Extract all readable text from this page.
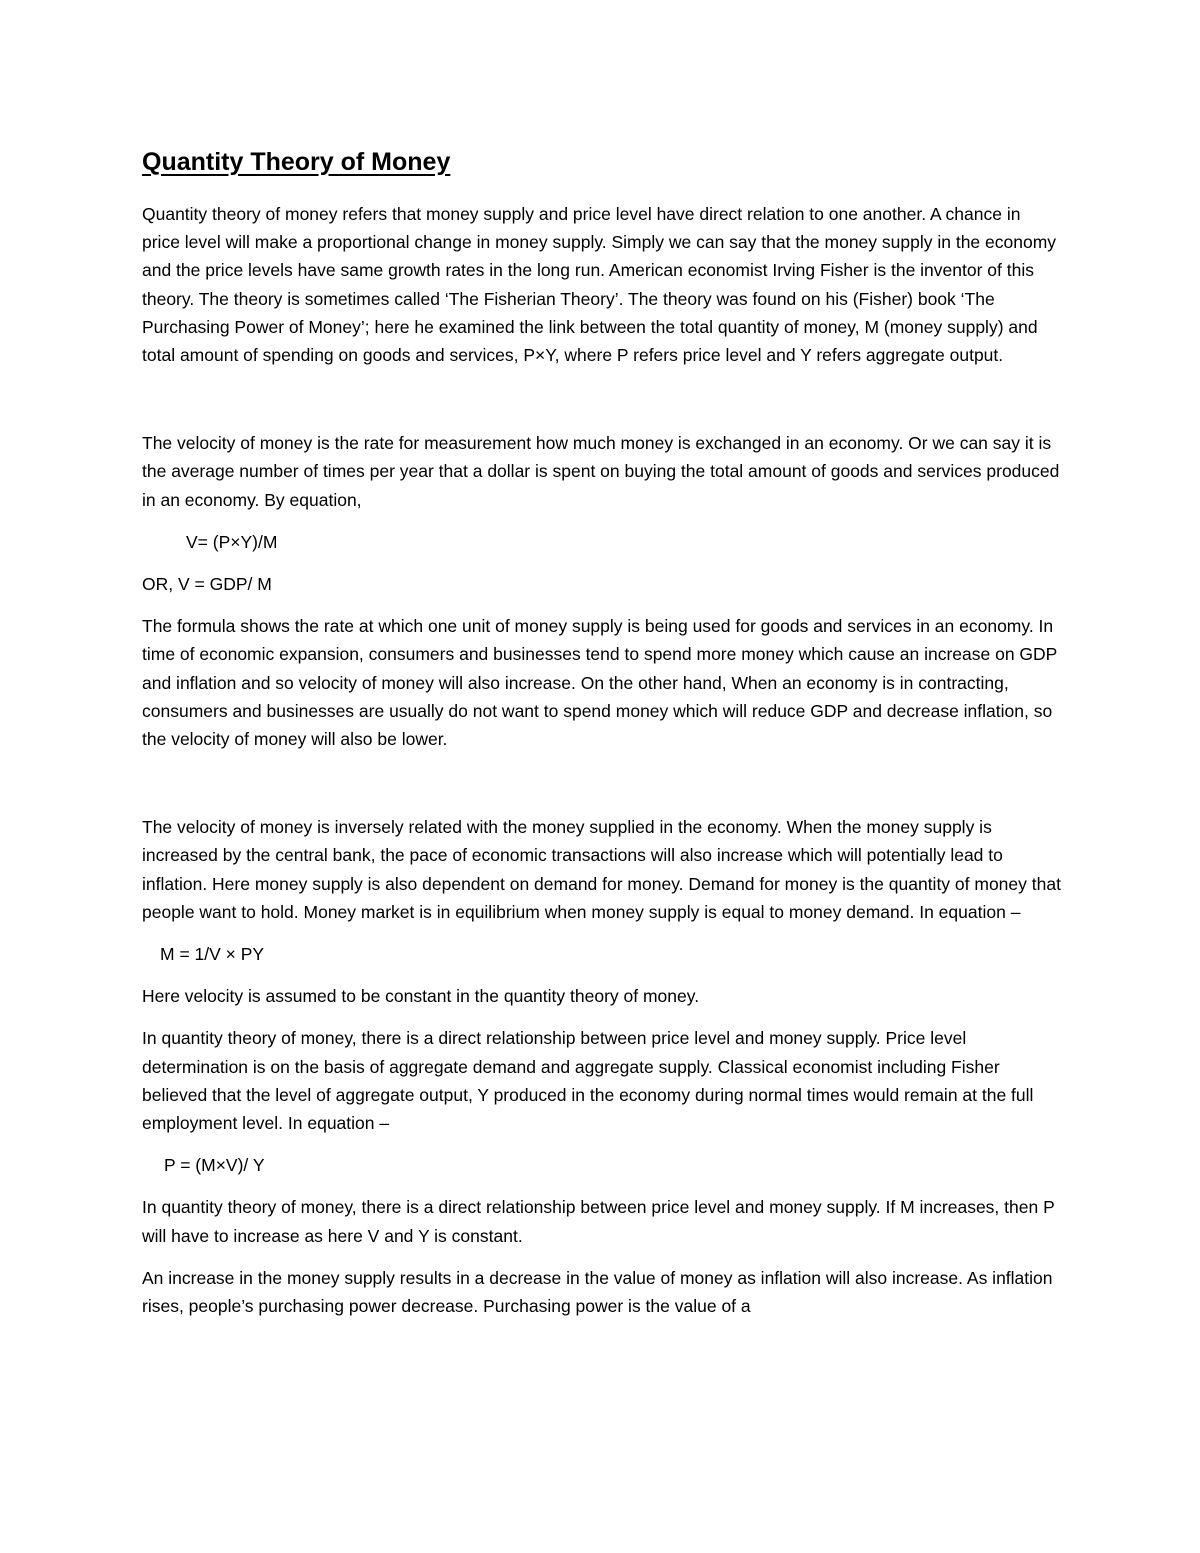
Quantity Theory of Money

Quantity theory of money refers that money supply and price level have direct relation to one another. A chance in price level will make a proportional change in money supply. Simply we can say that the money supply in the economy and the price levels have same growth rates in the long run. American economist Irving Fisher is the inventor of this theory. The theory is sometimes called ‘The Fisherian Theory’. The theory was found on his (Fisher) book ‘The Purchasing Power of Money’; here he examined the link between the total quantity of money, M (money supply) and total amount of spending on goods and services, P×Y, where P refers price level and Y refers aggregate output.

The velocity of money is the rate for measurement how much money is exchanged in an economy. Or we can say it is the average number of times per year that a dollar is spent on buying the total amount of goods and services produced in an economy. By equation,

V= (P×Y)/M

OR, V = GDP/ M

The formula shows the rate at which one unit of money supply is being used for goods and services in an economy. In time of economic expansion, consumers and businesses tend to spend more money which cause an increase on GDP and inflation and so velocity of money will also increase. On the other hand, When an economy is in contracting, consumers and businesses are usually do not want to spend money which will reduce GDP and decrease inflation, so the velocity of money will also be lower.

The velocity of money is inversely related with the money supplied in the economy. When the money supply is increased by the central bank, the pace of economic transactions will also increase which will potentially lead to inflation. Here money supply is also dependent on demand for money. Demand for money is the quantity of money that people want to hold. Money market is in equilibrium when money supply is equal to money demand. In equation –

M = 1/V × PY

Here velocity is assumed to be constant in the quantity theory of money.

In quantity theory of money, there is a direct relationship between price level and money supply. Price level determination is on the basis of aggregate demand and aggregate supply. Classical economist including Fisher believed that the level of aggregate output, Y produced in the economy during normal times would remain at the full employment level. In equation –

P = (M×V)/ Y

In quantity theory of money, there is a direct relationship between price level and money supply. If M increases, then P will have to increase as here V and Y is constant.

An increase in the money supply results in a decrease in the value of money as inflation will also increase. As inflation rises, people’s purchasing power decrease. Purchasing power is the value of a
